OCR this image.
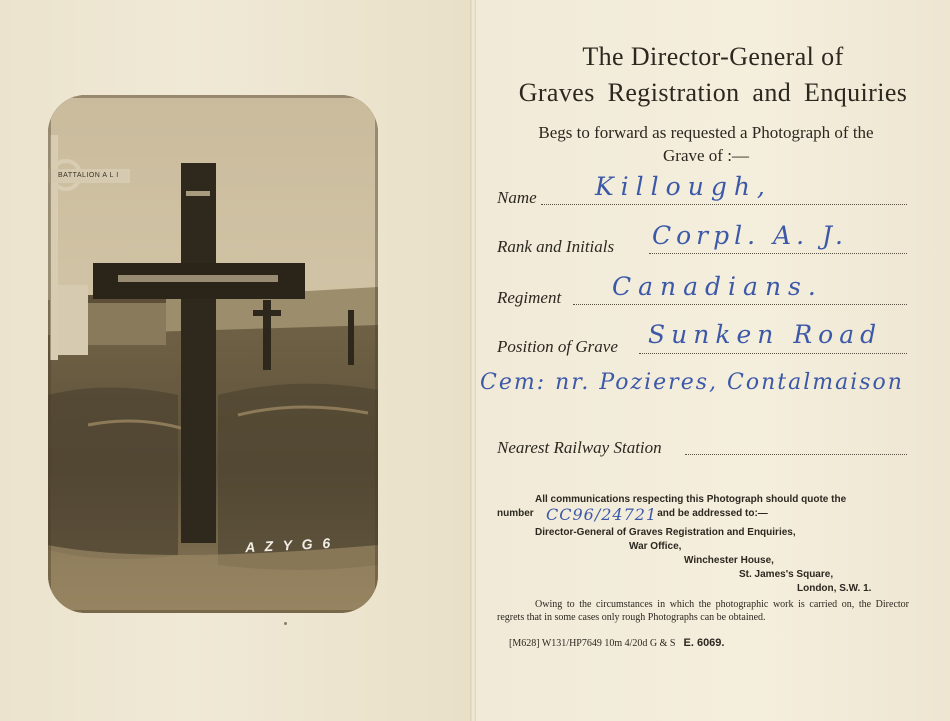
BATTALION A L I
A Z Y G 6
The Director-General of
Graves Registration and Enquiries
Begs to forward as requested a Photograph of the
Grave of :—
Name Killough,
Rank and Initials Corpl. A. J.
Regiment Canadians.
Position of Grave Sunken Road
Cem: nr. Pozieres, Contalmaison
Nearest Railway Station
All communications respecting this Photograph should quote the
number	and be addressed to:—
CC96/24721
Director-General of Graves Registration and Enquiries,
War Office,
Winchester House,
St. James's Square,
London, S.W. 1.
Owing to the circumstances in which the photographic work is carried on, the Director regrets that in some cases only rough Photographs can be obtained.
[M628] W131/HP7649 10m 4/20d G & S E. 6069.
